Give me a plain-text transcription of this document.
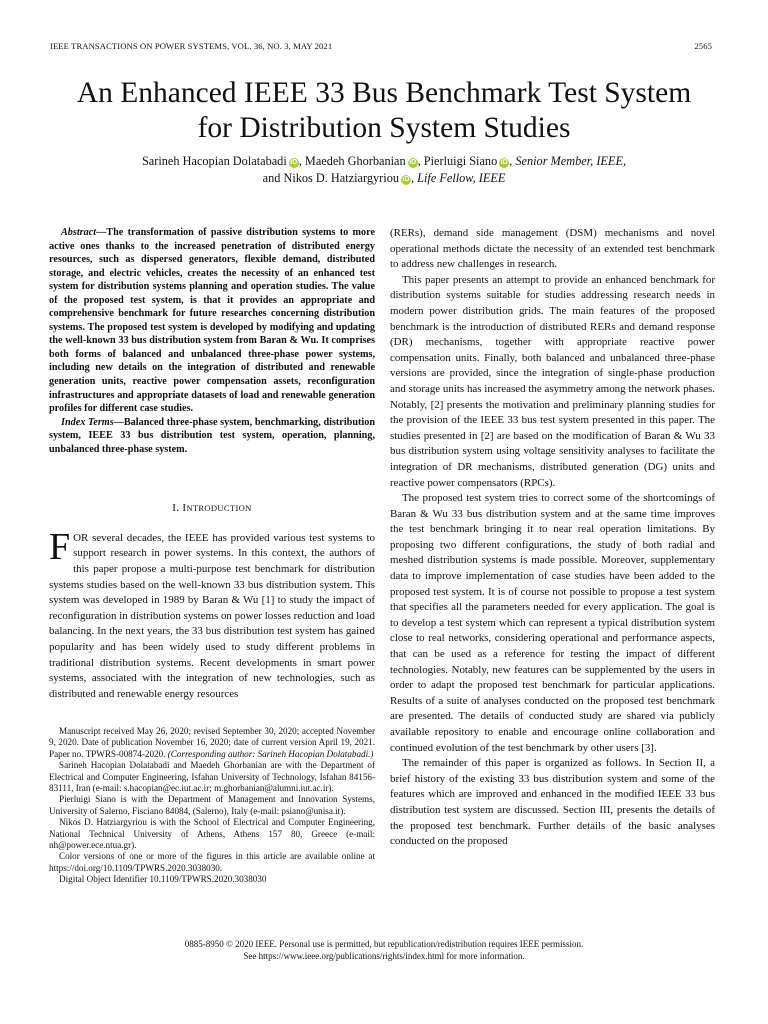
IEEE TRANSACTIONS ON POWER SYSTEMS, VOL. 36, NO. 3, MAY 2021	2565
An Enhanced IEEE 33 Bus Benchmark Test System
for Distribution System Studies
Sarineh Hacopian Dolatabadi iD , Maedeh Ghorbanian iD , Pierluigi Siano iD , Senior Member, IEEE,
and Nikos D. Hatziargyriou iD , Life Fellow, IEEE

Abstract—The transformation of passive distribution systems to more active ones thanks to the increased penetration of distributed energy resources, such as dispersed generators, flexible demand, distributed storage, and electric vehicles, creates the necessity of an enhanced test system for distribution systems planning and operation studies. The value of the proposed test system, is that it provides an appropriate and comprehensive benchmark for future researches concerning distribution systems. The proposed test system is developed by modifying and updating the well-known 33 bus distribution system from Baran & Wu. It comprises both forms of balanced and unbalanced three-phase power systems, including new details on the integration of distributed and renewable generation units, reactive power compensation assets, reconfiguration infrastructures and appropriate datasets of load and renewable generation profiles for different case studies.

Index Terms—Balanced three-phase system, benchmarking, distribution system, IEEE 33 bus distribution test system, operation, planning, unbalanced three-phase system.

I. INTRODUCTION

FOR several decades, the IEEE has provided various test systems to support research in power systems. In this context, the authors of this paper propose a multi-purpose test benchmark for distribution systems studies based on the well-known 33 bus distribution system. This system was developed in 1989 by Baran & Wu [1] to study the impact of reconfiguration in distribution systems on power losses reduction and load balancing. In the next years, the 33 bus distribution test system has gained popularity and has been widely used to study different problems in traditional distribution systems. Recent developments in smart power systems, associated with the integration of new technologies, such as distributed and renewable energy resources

Manuscript received May 26, 2020; revised September 30, 2020; accepted November 9, 2020. Date of publication November 16, 2020; date of current version April 19, 2021. Paper no. TPWRS-00874-2020. (Corresponding author: Sarineh Hacopian Dolatabadi.)

Sarineh Hacopian Dolatabadi and Maedeh Ghorbanian are with the Department of Electrical and Computer Engineering, Isfahan University of Technology, Isfahan 84156-83111, Iran (e-mail: s.hacopian@ec.iut.ac.ir; m.ghorbanian@alumni.iut.ac.ir).

Pierluigi Siano is with the Department of Management and Innovation Systems, University of Salerno, Fisciano 84084, (Salerno), Italy (e-mail: psiano@unisa.it).

Nikos D. Hatziargyriou is with the School of Electrical and Computer Engineering, National Technical University of Athens, Athens 157 80, Greece (e-mail: nh@power.ece.ntua.gr).

Color versions of one or more of the figures in this article are available online at https://doi.org/10.1109/TPWRS.2020.3038030.

Digital Object Identifier 10.1109/TPWRS.2020.3038030

(RERs), demand side management (DSM) mechanisms and novel operational methods dictate the necessity of an extended test benchmark to address new challenges in research.

This paper presents an attempt to provide an enhanced benchmark for distribution systems suitable for studies addressing research needs in modern power distribution grids. The main features of the proposed benchmark is the introduction of distributed RERs and demand response (DR) mechanisms, together with appropriate reactive power compensation units. Finally, both balanced and unbalanced three-phase versions are provided, since the integration of single-phase production and storage units has increased the asymmetry among the network phases. Notably, [2] presents the motivation and preliminary planning studies for the provision of the IEEE 33 bus test system presented in this paper. The studies presented in [2] are based on the modification of Baran & Wu 33 bus distribution system using voltage sensitivity analyses to facilitate the integration of DR mechanisms, distributed generation (DG) units and reactive power compensators (RPCs).

The proposed test system tries to correct some of the shortcomings of Baran & Wu 33 bus distribution system and at the same time improves the test benchmark bringing it to near real operation limitations. By proposing two different configurations, the study of both radial and meshed distribution systems is made possible. Moreover, supplementary data to improve implementation of case studies have been added to the proposed test system. It is of course not possible to propose a test system that specifies all the parameters needed for every application. The goal is to develop a test system which can represent a typical distribution system close to real networks, considering operational and performance aspects, that can be used as a reference for testing the impact of different technologies. Notably, new features can be supplemented by the users in order to adapt the proposed test benchmark for particular applications. Results of a suite of analyses conducted on the proposed test benchmark are presented. The details of conducted study are shared via publicly available repository to enable and encourage online collaboration and continued evolution of the test benchmark by other users [3].

The remainder of this paper is organized as follows. In Section II, a brief history of the existing 33 bus distribution system and some of the features which are improved and enhanced in the modified IEEE 33 bus distribution test system are discussed. Section III, presents the details of the proposed test benchmark. Further details of the basic analyses conducted on the proposed

0885-8950 © 2020 IEEE. Personal use is permitted, but republication/redistribution requires IEEE permission.
See https://www.ieee.org/publications/rights/index.html for more information.
